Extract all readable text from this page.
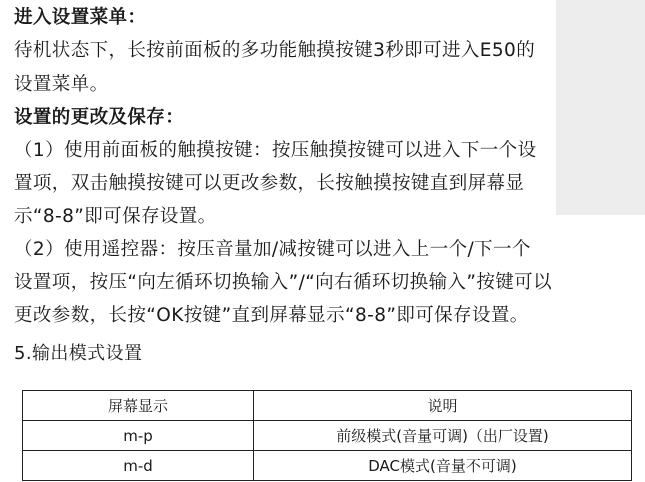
进入设置菜单：
待机状态下，长按前面板的多功能触摸按键3秒即可进入E50的
设置菜单。
设置的更改及保存：
（1）使用前面板的触摸按键：按压触摸按键可以进入下一个设
置项，双击触摸按键可以更改参数，长按触摸按键直到屏幕显
示“8-8”即可保存设置。
（2）使用遥控器：按压音量加/减按键可以进入上一个/下一个
设置项，按压“向左循环切换输入”/“向右循环切换输入”按键可以
更改参数，长按“OK按键”直到屏幕显示“8-8”即可保存设置。
5.输出模式设置
屏幕显示	说明
m-p	前级模式(音量可调)（出厂设置)
m-d	DAC模式(音量不可调)
